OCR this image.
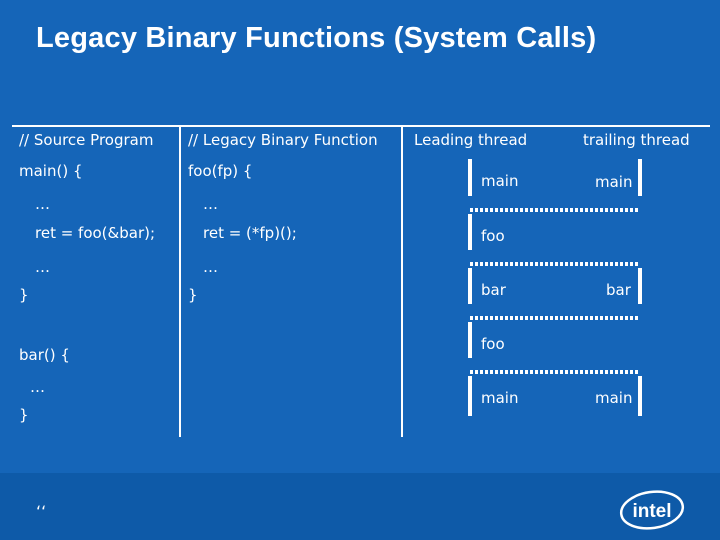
Legacy Binary Functions (System Calls)
// Source Program
main() {
…
ret = foo(&bar);
…
}
bar() {
…
}
// Legacy Binary Function
foo(fp) {
…
ret = (*fp)();
…
}
Leading thread	trailing thread
main
foo
bar
foo
main
main
bar
main
‘‘	intel
